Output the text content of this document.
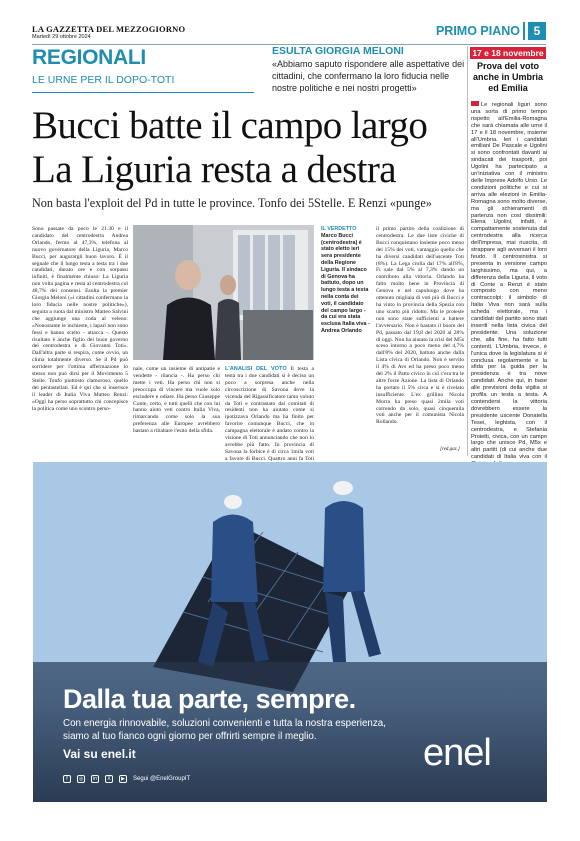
LA GAZZETTA DEL MEZZOGIORNO
Martedì 29 ottobre 2024	PRIMO PIANO	5
REGIONALI
LE URNE PER IL DOPO-TOTI
ESULTA GIORGIA MELONI
«Abbiamo saputo rispondere alle aspettative dei cittadini, che confermano la loro fiducia nelle nostre politiche e nei nostri progetti»
Bucci batte il campo largo
La Liguria resta a destra
Non basta l'exploit del Pd in tutte le province. Tonfo dei 5Stelle. E Renzi «punge»
Sono passate da poco le 21.30 e il candidato del centrodestra Andrea Orlando, fermo al 47,3%, telefona al nuovo governatore della Liguria, Marco Bucci, per augurargli buon lavoro. È il segnale che il lungo testa a testa tra i due candidati, durato ore e con sorpassi infiniti, è finalmente chiuso: La Liguria non volta pagina e resta al centrodestra col 48,7% dei consensi. Esulta la premier Giorgia Meloni («i cittadini confermano la loro fiducia nelle nostre politiche»), seguita a ruota dal ministro Matteo Salvini che aggiunge una coda al veleno: «Nonostante le inchieste, i lapari non sono fessi e hanno scelto - attacca -. Questo risultato è anche figlio del buon governo del centrodestra e di Giovanni Toti». Dall'altra parte si respira, come ovvio, un clima totalmente diverso. Se il Pd può sorridere per l'ottima affermazione lo stesso non può dirsi per il Movimento 5 Stelle. Tonfo piuttosto clamoroso, quello dei pentastellati. Ed è qui che si inserisce il leader di Italia Viva Matteo Renzi: «Oggi ha perso soprattutto chi concepisce la politica come uno scontro perso-
IL VERDETTO
Marco Bucci (centrodestra) è stato eletto ieri sera presidente della Regione Liguria. Il sindaco di Genova ha battuto, dopo un lungo testa a testa nella conta dei voti, il candidato del campo largo - da cui era stata esclusa Italia viva - Andrea Orlando
nale, come un insieme di antipatie e vendette - rilancia -. Ha perso chi mette i veti. Ha perso chi non si preoccupa di vincere ma vuole solo escludere e odiare. Ha perso Giuseppe Conte, certo, e tutti quelli che con lui hanno aiuto veti contro Italia Viva, rimarcando come solo la sua preferenza alle Europee avrebbero bastato a ribaltare l'esito della sfida.
L'ANALISI DEL VOTO Il testa a testa tra i due candidati si è deciso un poco a sorpresa anche nella circoscrizione di Savona dove la vicenda del Rigassificatore tanto voluto da Toti e contrastato dai comitati di residenti non ha aiutato come si ipotizzava Orlando ma ha finito per favorire comunque Bucci, che in campagna elettorale è andato contro la visione di Toti annunciando che non lo avrebbe più fatto. In provincia di Savona la forbice è di circa 1mila voti a favore di Bucci. Quattro anni fa Toti
il primo partito della coalizione di centrodestra. Le due liste civiche di Bucci conquistano insieme poco meno del 15% dei voti, vantaggio quello che ha diversi candidati dell'uscente Toti (8%). La Lega crolla dal 17% all'8%, Fi sale dal 5% al 7,3% dando un contributo alla vittoria. Orlando ha fatto molto bene in Provincia di Genova e nel capoluogo dove ha ottenuto migliaia di voti più di Bucci e ha vinto in provincia della Spezia con uno scarto più ridotto. Ma le proteste non sono state sufficienti a battere l'avversario. Non è bastato il boom del Pd, passato dal 19,8 del 2020 al 28% di oggi. Non ha aiutato la crisi del M5s sceso intorno a poco meno del 4,7% dall'8% del 2020, battuto anche dalla Lista civica di Orlando. Non è servito il 4% di Avs ed ha preso poco meno del 2% il Patto civico in cui c'era tra le altre forze Azione. La lista di Orlando ha portato il 5% circa e si è rivelato insufficiente. L'ex grillino Nicola Morra ha preso quasi 2mila voti correndo da solo, quasi cinquemila voti anche per il comunista Nicola Rollando.
[red.gaz.]
17 e 18 novembre
Prova del voto anche in Umbria ed Emilia
Le regionali liguri sono una sorta di primo tempo rispetto all'Emilia-Romagna che sarà chiamata alle urne il 17 e il 18 novembre, insieme all'Umbria. Ieri i candidati emiliani De Pascale e Ugolini si sono confrontati davanti ai sindacati dei trasporti, poi Ugolini ha partecipato a un'iniziativa con il ministro delle Imprese Adolfo Urso. Le condizioni politiche e cui si arriva alle elezioni in Emilia-Romagna sono molto diverse, ma gli schieramenti di partenza non così dissimili: Elena Ugolini, infatti, è compattamente sostenuta dal centrodestra alla ricerca dell'impresa, mai riuscita, di strappare agli avversari il loro feudo. Il centrosinistra si presenta in versione campo larghissimo, ma qui, a differenza della Liguria, il voto di Conte a Renzi è stato composto con meno contraccolpi: il simbolo di Italia Viva non sarà sulla scheda elettorale, ma i candidati del partito sono stati inseriti nella lista civica del presidente. Una soluzione che, alla fine, ha fatto tutti contenti. L'Umbria, invece, è l'unica dove la legislatura si è conclusa regolarmente e la sfida per la guida per la presidenza è tra nove candidati. Anche qui, in base alle previsioni della vigilia si profila un testa a testa. A contendersi la vittoria dovrebbero essere la presidente uscente Donatella Tesei, leghista, con il centrodestra, e Stefania Proietti, civica, con un campo largo che unisce Pd, M5s e altri partiti (di cui anche due candidati di Italia viva con il
Dalla tua parte, sempre.
Con energia rinnovabile, soluzioni convenienti e tutta la nostra esperienza, siamo al tuo fianco ogni giorno per offrirti sempre il meglio.
Vai su enel.it
f	◎	in	X	▶	Segui @EnelGroupIT
enel
